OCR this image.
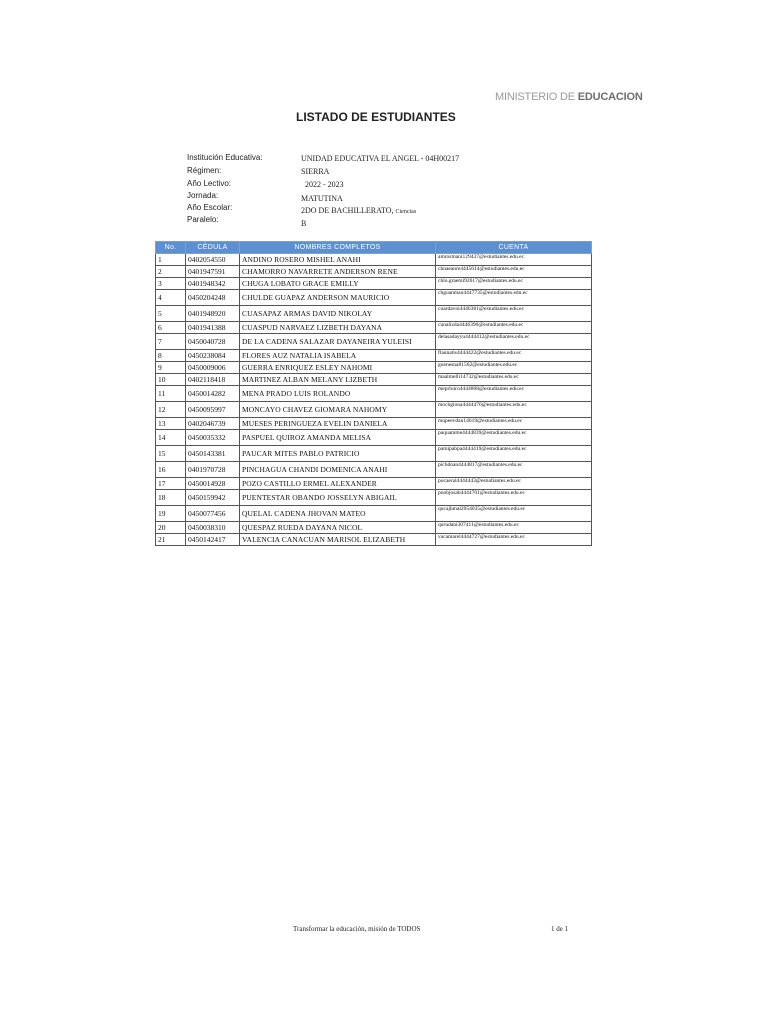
MINISTERIO DE EDUCACION
LISTADO DE ESTUDIANTES
Institución Educativa:	UNIDAD EDUCATIVA EL ANGEL - 04H00217
Régimen:	SIERRA
Año Lectivo:	2022 - 2023
Jornada:	MATUTINA
Año Escolar:	2DO DE BACHILLERATO, Ciencias
Paralelo:	B
No.	CÉDULA	NOMBRES COMPLETOS	CUENTA
1	0402054550	ANDINO ROSERO MISHEL ANAHI	amrosmani129437@estudiantes.edu.ec
2	0401947591	CHAMORRO NAVARRETE ANDERSON RENE	chnaeanre4445614@estudiantes.edu.ec
3	0401948342	CHUGA LOBATO GRACE EMILLY	chlo.graemi92617@estudiantes.edu.ec
4	0450204248	CHULDE GUAPAZ ANDERSON MAURICIO	chguanmau4447735@estudiantes.edu.ec
5	0401948920	CUASAPAZ ARMAS DAVID NIKOLAY	cuardavni4446381@estudiantes.edu.ec
6	0401941388	CUASPUD NARVAEZ LIZBETH DAYANA	cunalizda4446390@estudiantes.edu.ec
7	0450040728	DE LA CADENA SALAZAR DAYANEIRA YULEISI	delasadayyu4444412@estudiantes.edu.ec
8	0450238084	FLORES AUZ NATALIA ISABELA	flaunatis4444422@estudiantes.edu.ec
9	0450009006	GUERRA ENRIQUEZ ESLEY NAHOMI	guenesna81562@estudiantes.edu.ec
10	0402118418	MARTINEZ ALBAN MELANY LIZBETH	maalmelli14732@estudiantes.edu.ec
11	0450014282	MENA PRADO LUIS ROLANDO	meprluiro4444808@estudiantes.edu.ec
12	0450095997	MONCAYO CHAVEZ GIOMARA NAHOMY	mochgiona4444476@estudiantes.edu.ec
13	0402046739	MUESES PERINGUEZA EVELIN DANIELA	mupeevdan14619@estudiantes.edu.ec
14	0450035332	PASPUEL QUIROZ AMANDA MELISA	paquamme4444839@estudiantes.edu.ec
15	0450143381	PAUCAR MITES PABLO PATRICIO	pamipabpa4444419@estudiantes.edu.ec
16	0401970728	PINCHAGUA CHANDI DOMENICA ANAHI	pichdoan4444817@estudiantes.edu.ec
17	0450014928	POZO CASTILLO ERMEL ALEXANDER	pocaeral4444443@estudiantes.edu.ec
18	0450159942	PUENTESTAR OBANDO JOSSELYN ABIGAIL	puobjosab4444701@estudiantes.edu.ec
19	0450077456	QUELAL CADENA JHOVAN MATEO	qucajhmal2054035@estudiantes.edu.ec
20	0450038310	QUESPAZ RUEDA DAYANA NICOL	qurudani307411@estudiantes.edu.ec
21	0450142417	VALENCIA CANACUAN MARISOL ELIZABETH	vacamarel4444727@estudiantes.edu.ec
Transformar la educación, misión de TODOS	1 de 1
